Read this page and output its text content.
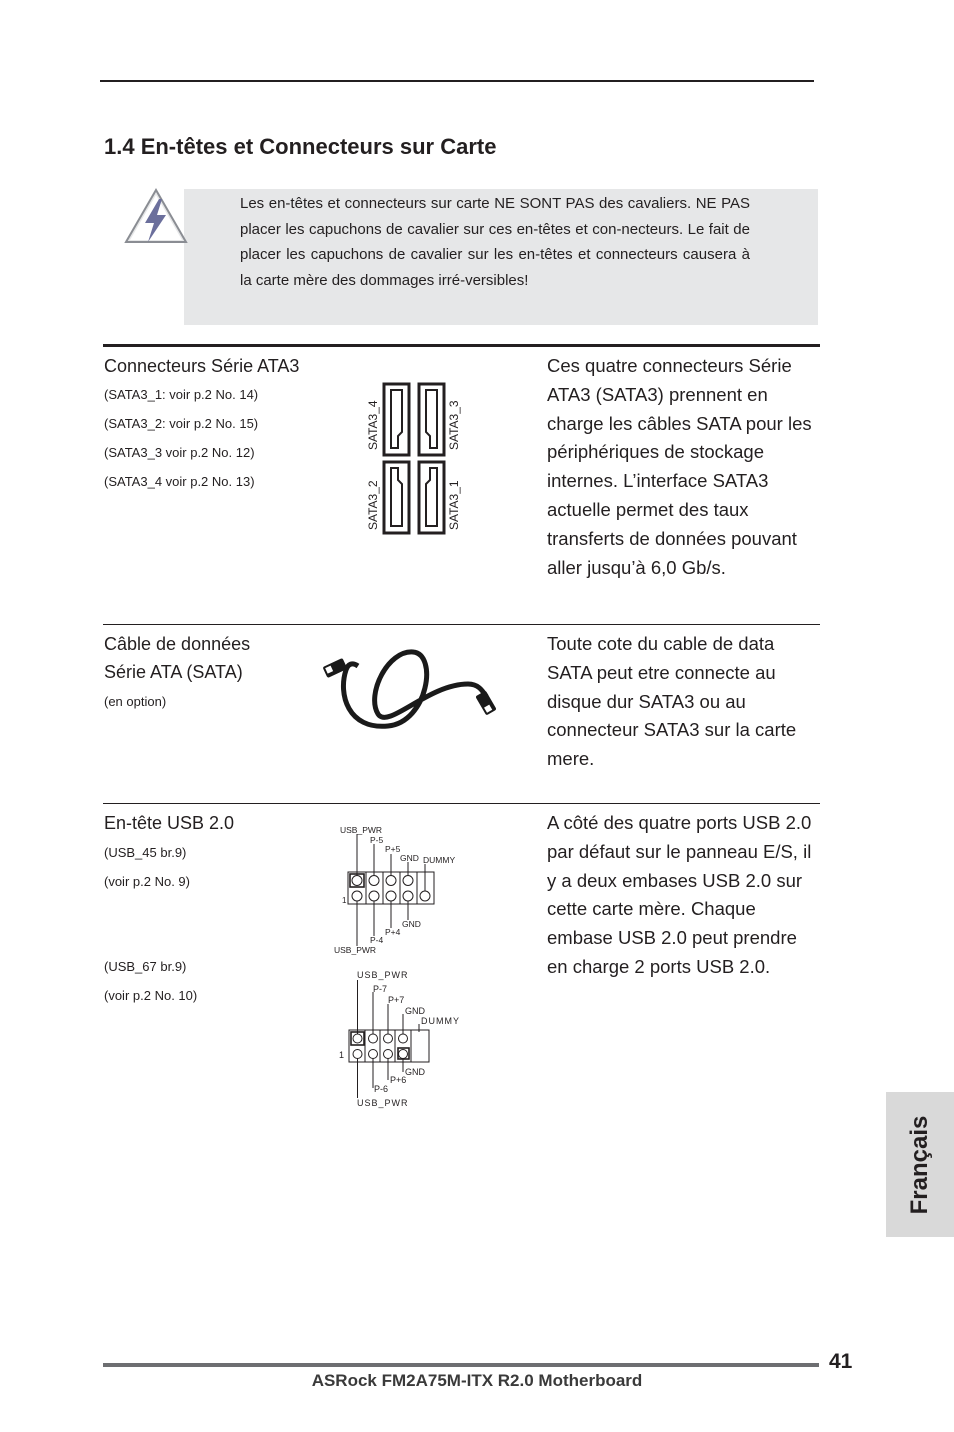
1.4 En-têtes et Connecteurs sur Carte

Les en-têtes et connecteurs sur carte NE SONT PAS des cavaliers. NE PAS placer les capuchons de cavalier sur ces en-têtes et con-necteurs. Le fait de placer les capuchons de cavalier sur les en-têtes et connecteurs causera à la carte mère des dommages irré-versibles!

Connecteurs Série ATA3

(SATA3_1: voir p.2 No. 14)

(SATA3_2: voir p.2 No. 15)

(SATA3_3 voir p.2 No. 12)

(SATA3_4 voir p.2 No. 13)

SATA3_4	SATA3_3
SATA3_2	SATA3_1

Ces quatre connecteurs Série ATA3 (SATA3) prennent en charge les câbles SATA pour les périphériques de stockage internes. L’interface SATA3 actuelle permet des taux transferts de données pouvant aller jusqu’à 6,0 Gb/s.

Câble de données

Série ATA (SATA)

(en option)

Toute cote du cable de data SATA peut etre connecte au disque dur SATA3 ou au connecteur SATA3 sur la carte mere.

En-tête USB 2.0

(USB_45 br.9)

(voir p.2 No. 9)

(USB_67 br.9)

(voir p.2 No. 10)

USB_PWR
P-5
P+5
GND DUMMY
1
GND
P+4
P-4
USB_PWR
USB_PWR
P-7
P+7
GND
DUMMY
1
GND
P+6
P-6
USB_PWR

A côté des quatre ports USB 2.0 par défaut sur le panneau E/S, il y a deux embases USB 2.0 sur cette carte mère. Chaque embase USB 2.0 peut prendre en charge 2 ports USB 2.0.

Français
41
ASRock FM2A75M-ITX R2.0 Motherboard
